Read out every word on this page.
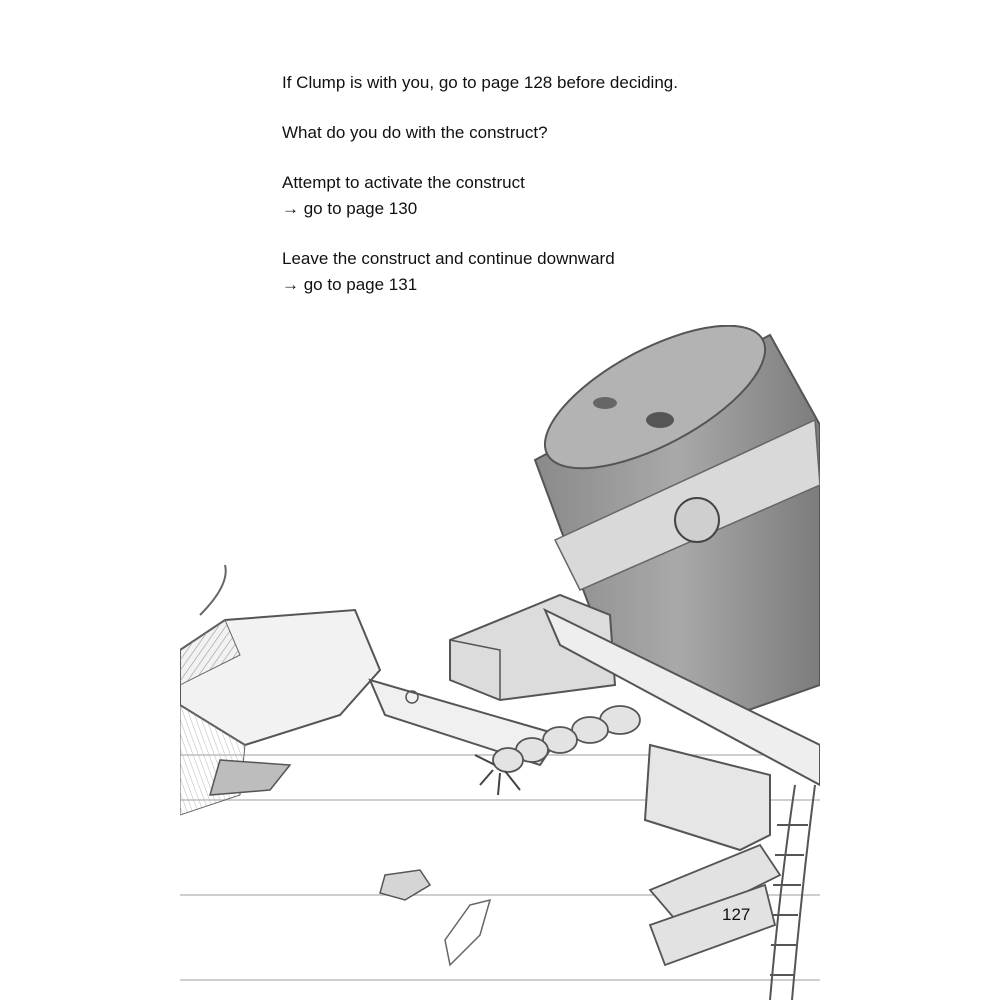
If Clump is with you, go to page 128 before deciding.

What do you do with the construct?

Attempt to activate the construct

→ go to page 130

Leave the construct and continue downward

→ go to page 131
127
